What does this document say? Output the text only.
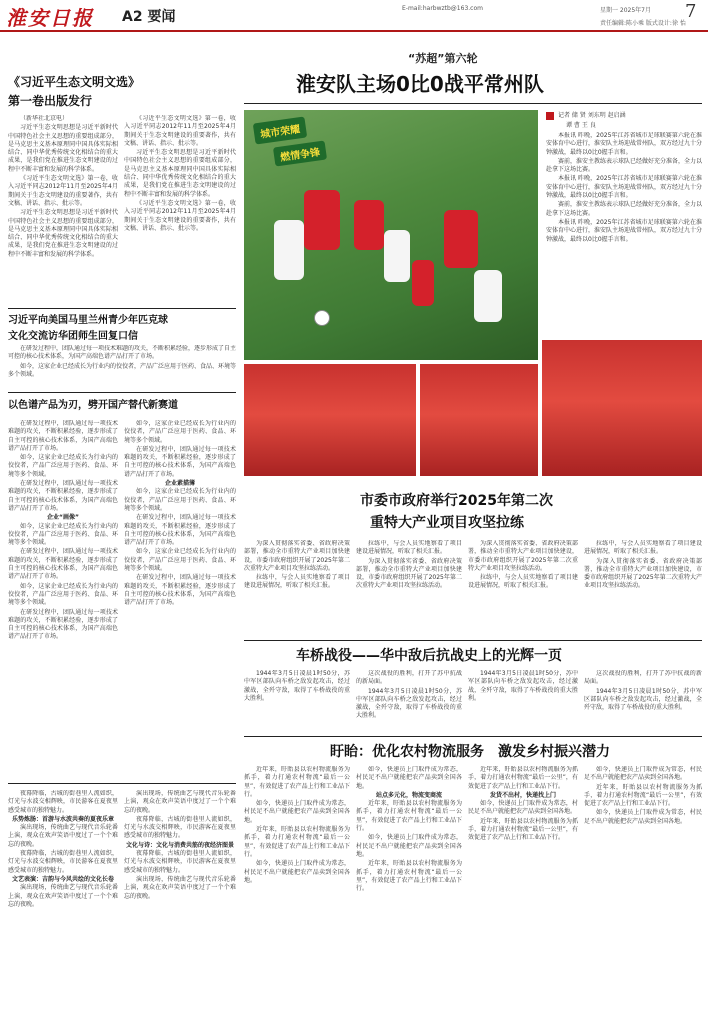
淮安日报 A2 要闻
E-mail:harbwztb@163.com	星期一 2025年7月 7
责任编辑:陈小乘 版式设计:徐 怡
《习近平生态文明文选》
第一卷出版发行

（新华社北京电）

习近平生态文明思想是习近平新时代中国特色社会主义思想的重要组成部分，是马克思主义基本原理同中国具体实际相结合、同中华优秀传统文化相结合的重大成果，是我们党在推进生态文明建设的过程中不断丰富和发展的科学体系。

《习近平生态文明文选》第一卷，收入习近平同志2012年11月至2025年4月期间关于生态文明建设的重要著作，共有文稿、讲话、指示、批示等。

习近平生态文明思想是习近平新时代中国特色社会主义思想的重要组成部分，是马克思主义基本原理同中国具体实际相结合、同中华优秀传统文化相结合的重大成果，是我们党在推进生态文明建设的过程中不断丰富和发展的科学体系。

《习近平生态文明文选》第一卷，收入习近平同志2012年11月至2025年4月期间关于生态文明建设的重要著作，共有文稿、讲话、指示、批示等。

习近平生态文明思想是习近平新时代中国特色社会主义思想的重要组成部分，是马克思主义基本原理同中国具体实际相结合、同中华优秀传统文化相结合的重大成果，是我们党在推进生态文明建设的过程中不断丰富和发展的科学体系。

《习近平生态文明文选》第一卷，收入习近平同志2012年11月至2025年4月期间关于生态文明建设的重要著作，共有文稿、讲话、指示、批示等。

习近平向美国马里兰州青少年匹克球
文化交流访华团师生回复口信

在研发过程中，团队通过每一项技术难题的攻关，不断积累经验，逐步形成了自主可控的核心技术体系，为国产高端色谱产品打开了市场。

如今，这家企业已经成长为行业内的佼佼者，产品广泛应用于医药、食品、环境等多个领域。

以色谱产品为刃，劈开国产替代新赛道

在研发过程中，团队通过每一项技术难题的攻关，不断积累经验，逐步形成了自主可控的核心技术体系，为国产高端色谱产品打开了市场。

如今，这家企业已经成长为行业内的佼佼者，产品广泛应用于医药、食品、环境等多个领域。

在研发过程中，团队通过每一项技术难题的攻关，不断积累经验，逐步形成了自主可控的核心技术体系，为国产高端色谱产品打开了市场。

企业“画像”

如今，这家企业已经成长为行业内的佼佼者，产品广泛应用于医药、食品、环境等多个领域。

在研发过程中，团队通过每一项技术难题的攻关，不断积累经验，逐步形成了自主可控的核心技术体系，为国产高端色谱产品打开了市场。

如今，这家企业已经成长为行业内的佼佼者，产品广泛应用于医药、食品、环境等多个领域。

在研发过程中，团队通过每一项技术难题的攻关，不断积累经验，逐步形成了自主可控的核心技术体系，为国产高端色谱产品打开了市场。

如今，这家企业已经成长为行业内的佼佼者，产品广泛应用于医药、食品、环境等多个领域。

在研发过程中，团队通过每一项技术难题的攻关，不断积累经验，逐步形成了自主可控的核心技术体系，为国产高端色谱产品打开了市场。

企业素描簿

如今，这家企业已经成长为行业内的佼佼者，产品广泛应用于医药、食品、环境等多个领域。

在研发过程中，团队通过每一项技术难题的攻关，不断积累经验，逐步形成了自主可控的核心技术体系，为国产高端色谱产品打开了市场。

如今，这家企业已经成长为行业内的佼佼者，产品广泛应用于医药、食品、环境等多个领域。

在研发过程中，团队通过每一项技术难题的攻关，不断积累经验，逐步形成了自主可控的核心技术体系，为国产高端色谱产品打开了市场。

“苏超”第六轮
淮安队主场0比0战平常州队
城市荣耀
燃情争锋
记者 储 贤 刘东明 赵启涵
谭 曹 王 良

本报讯 昨晚，2025年江苏省城市足球联赛第六轮在淮安体育中心进行，淮安队主场迎战常州队，双方经过九十分钟激战，最终以0比0握手言和。

赛前，淮安主教练表示球队已经做好充分准备，全力以赴拿下这场比赛。

本报讯 昨晚，2025年江苏省城市足球联赛第六轮在淮安体育中心进行，淮安队主场迎战常州队，双方经过九十分钟激战，最终以0比0握手言和。

赛前，淮安主教练表示球队已经做好充分准备，全力以赴拿下这场比赛。

本报讯 昨晚，2025年江苏省城市足球联赛第六轮在淮安体育中心进行，淮安队主场迎战常州队，双方经过九十分钟激战，最终以0比0握手言和。

市委市政府举行2025年第二次
重特大产业项目攻坚拉练

为深入贯彻落实省委、省政府决策部署，推动全市重特大产业项目加快建设，市委市政府组织开展了2025年第二次重特大产业项目攻坚拉练活动。

拉练中，与会人员实地察看了项目建设进展情况，听取了相关汇报。

拉练中，与会人员实地察看了项目建设进展情况，听取了相关汇报。

为深入贯彻落实省委、省政府决策部署，推动全市重特大产业项目加快建设，市委市政府组织开展了2025年第二次重特大产业项目攻坚拉练活动。

为深入贯彻落实省委、省政府决策部署，推动全市重特大产业项目加快建设，市委市政府组织开展了2025年第二次重特大产业项目攻坚拉练活动。

拉练中，与会人员实地察看了项目建设进展情况，听取了相关汇报。

拉练中，与会人员实地察看了项目建设进展情况，听取了相关汇报。

为深入贯彻落实省委、省政府决策部署，推动全市重特大产业项目加快建设，市委市政府组织开展了2025年第二次重特大产业项目攻坚拉练活动。

车桥战役——华中敌后抗战史上的光辉一页

1944年3月5日凌晨1时50分，苏中军区部队向车桥之敌发起攻击，经过激战，全歼守敌，取得了车桥战役的重大胜利。

这次战役的胜利，打开了苏中抗战的新局面。

1944年3月5日凌晨1时50分，苏中军区部队向车桥之敌发起攻击，经过激战，全歼守敌，取得了车桥战役的重大胜利。

1944年3月5日凌晨1时50分，苏中军区部队向车桥之敌发起攻击，经过激战，全歼守敌，取得了车桥战役的重大胜利。

这次战役的胜利，打开了苏中抗战的新局面。

1944年3月5日凌晨1时50分，苏中军区部队向车桥之敌发起攻击，经过激战，全歼守敌，取得了车桥战役的重大胜利。

盱眙：优化农村物流服务　激发乡村振兴潜力

近年来，盱眙县以农村物流服务为抓手，着力打通农村物流“最后一公里”，有效促进了农产品上行和工业品下行。

如今，快递员上门取件成为常态，村民足不出户就能把农产品卖到全国各地。

近年来，盱眙县以农村物流服务为抓手，着力打通农村物流“最后一公里”，有效促进了农产品上行和工业品下行。

如今，快递员上门取件成为常态，村民足不出户就能把农产品卖到全国各地。

如今，快递员上门取件成为常态，村民足不出户就能把农产品卖到全国各地。

站点多元化，物流变商流

近年来，盱眙县以农村物流服务为抓手，着力打通农村物流“最后一公里”，有效促进了农产品上行和工业品下行。

如今，快递员上门取件成为常态，村民足不出户就能把农产品卖到全国各地。

近年来，盱眙县以农村物流服务为抓手，着力打通农村物流“最后一公里”，有效促进了农产品上行和工业品下行。

近年来，盱眙县以农村物流服务为抓手，着力打通农村物流“最后一公里”，有效促进了农产品上行和工业品下行。

发货不出村，快递找上门

如今，快递员上门取件成为常态，村民足不出户就能把农产品卖到全国各地。

近年来，盱眙县以农村物流服务为抓手，着力打通农村物流“最后一公里”，有效促进了农产品上行和工业品下行。

如今，快递员上门取件成为常态，村民足不出户就能把农产品卖到全国各地。

近年来，盱眙县以农村物流服务为抓手，着力打通农村物流“最后一公里”，有效促进了农产品上行和工业品下行。

如今，快递员上门取件成为常态，村民足不出户就能把农产品卖到全国各地。

夜幕降临，古城的街巷里人流如织，灯光与水波交相辉映，市民游客在夏夜里感受城市的独特魅力。

乐势炼肠：首游与水波共奏的夏夜乐章

演出现场，传统曲艺与现代音乐轮番上演，观众在欢声笑语中度过了一个个难忘的夜晚。

夜幕降临，古城的街巷里人流如织，灯光与水波交相辉映，市民游客在夏夜里感受城市的独特魅力。

文艺表演：吉韵与今风共绘的文化长卷

演出现场，传统曲艺与现代音乐轮番上演，观众在欢声笑语中度过了一个个难忘的夜晚。

演出现场，传统曲艺与现代音乐轮番上演，观众在欢声笑语中度过了一个个难忘的夜晚。

夜幕降临，古城的街巷里人流如织，灯光与水波交相辉映，市民游客在夏夜里感受城市的独特魅力。

文化与诗：文化与消费共筋的夜经济图景

夜幕降临，古城的街巷里人流如织，灯光与水波交相辉映，市民游客在夏夜里感受城市的独特魅力。

演出现场，传统曲艺与现代音乐轮番上演，观众在欢声笑语中度过了一个个难忘的夜晚。
